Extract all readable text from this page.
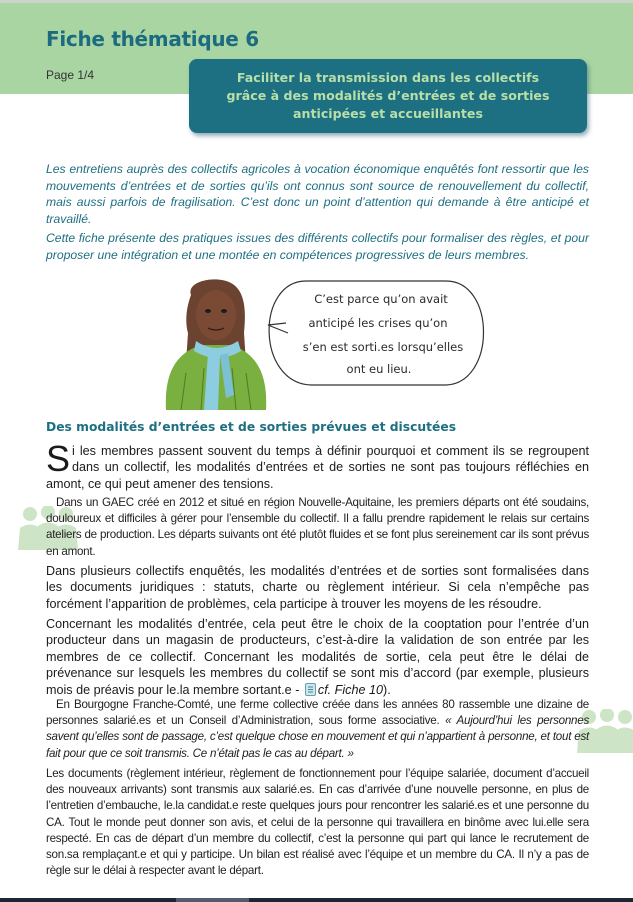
Fiche thématique 6
Page 1/4	Faciliter la transmission dans les collectifs grâce à des modalités d’entrées et de sorties anticipées et accueillantes

Les entretiens auprès des collectifs agricoles à vocation économique enquêtés font ressortir que les mouvements d’entrées et de sorties qu’ils ont connus sont source de renouvellement du collectif, mais aussi parfois de fragilisation. C’est donc un point d’attention qui demande à être anticipé et travaillé.

Cette fiche présente des pratiques issues des différents collectifs pour formaliser des règles, et pour proposer une intégration et une montée en compétences progressives de leurs membres.

C’est parce qu’on avait
anticipé les crises qu’on
s’en est sorti.es lorsqu’elles
ont eu lieu.
Des modalités d’entrées et de sorties prévues et discutées

Si les membres passent souvent du temps à définir pourquoi et comment ils se regroupent dans un collectif, les modalités d’entrées et de sorties ne sont pas toujours réfléchies en amont, ce qui peut amener des tensions.

Dans un GAEC créé en 2012 et situé en région Nouvelle-Aquitaine, les premiers départs ont été soudains, douloureux et difficiles à gérer pour l’ensemble du collectif. Il a fallu prendre rapidement le relais sur certains ateliers de production. Les départs suivants ont été plutôt fluides et se font plus sereinement car ils sont prévus en amont.

Dans plusieurs collectifs enquêtés, les modalités d’entrées et de sorties sont formalisées dans les documents juridiques : statuts, charte ou règlement intérieur. Si cela n’empêche pas forcément l’apparition de problèmes, cela participe à trouver les moyens de les résoudre.

Concernant les modalités d’entrée, cela peut être le choix de la cooptation pour l’entrée d’un producteur dans un magasin de producteurs, c’est-à-dire la validation de son entrée par les membres de ce collectif. Concernant les modalités de sortie, cela peut être le délai de prévenance sur lesquels les membres du collectif se sont mis d’accord (par exemple, plusieurs mois de préavis pour le.la membre sortant.e - cf. Fiche 10).

En Bourgogne Franche-Comté, une ferme collective créée dans les années 80 rassemble une dizaine de personnes salarié.es et un Conseil d’Administration, sous forme associative. « Aujourd’hui les personnes savent qu’elles sont de passage, c’est quelque chose en mouvement et qui n’appartient à personne, et tout est fait pour que ce soit transmis. Ce n’était pas le cas au départ. »

Les documents (règlement intérieur, règlement de fonctionnement pour l’équipe salariée, document d’accueil des nouveaux arrivants) sont transmis aux salarié.es. En cas d’arrivée d’une nouvelle personne, en plus de l’entretien d’embauche, le.la candidat.e reste quelques jours pour rencontrer les salarié.es et une personne du CA. Tout le monde peut donner son avis, et celui de la personne qui travaillera en binôme avec lui.elle sera respecté. En cas de départ d’un membre du collectif, c’est la personne qui part qui lance le recrutement de son.sa remplaçant.e et qui y participe. Un bilan est réalisé avec l’équipe et un membre du CA. Il n’y a pas de règle sur le délai à respecter avant le départ.
